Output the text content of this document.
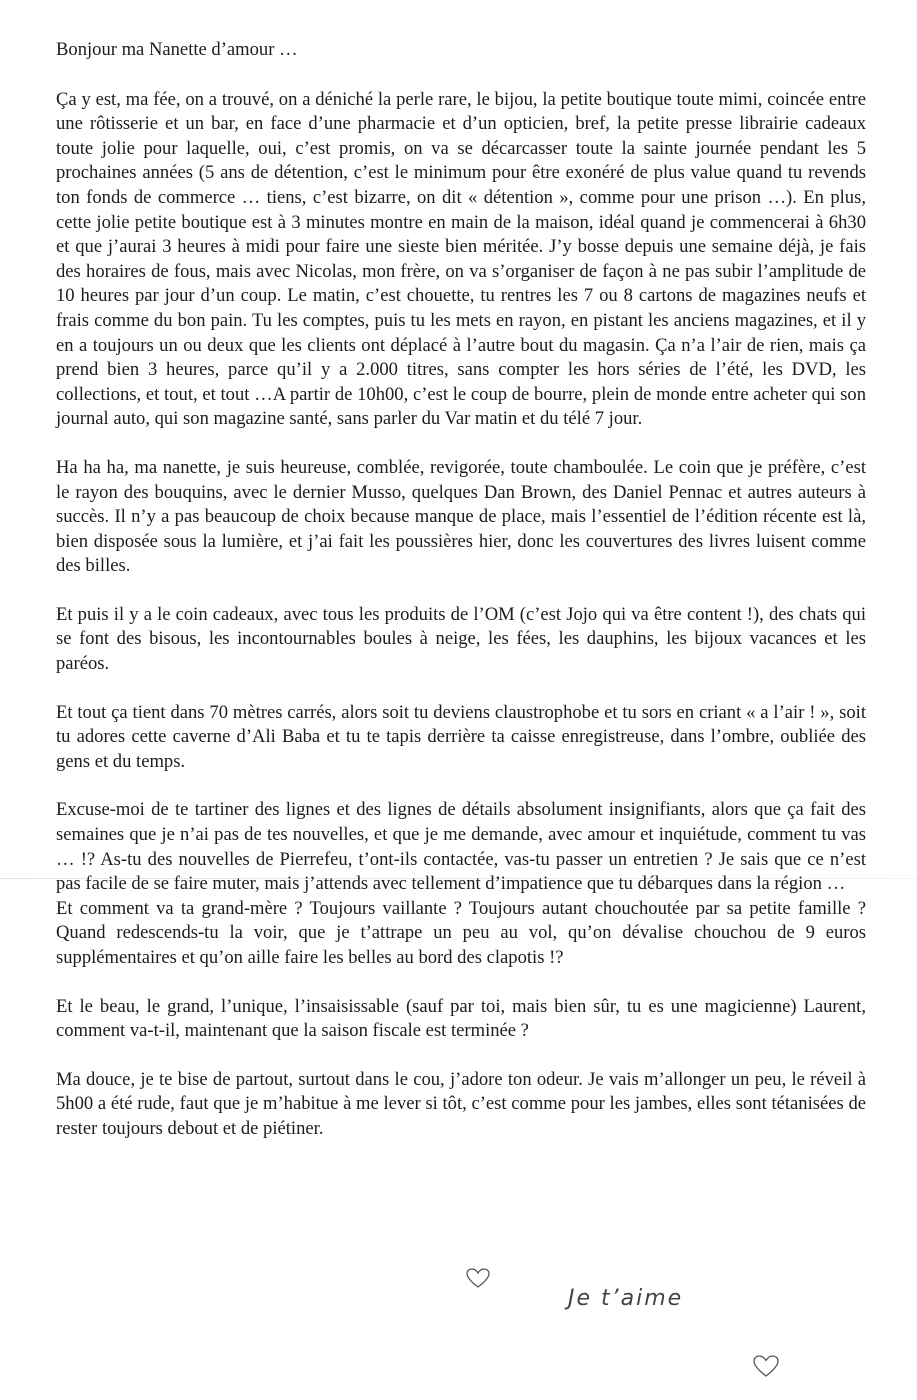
Bonjour ma Nanette d’amour …

Ça y est, ma fée, on a trouvé, on a déniché la perle rare, le bijou, la petite boutique toute mimi, coincée entre une rôtisserie et un bar, en face d’une pharmacie et d’un opticien, bref, la petite presse librairie cadeaux toute jolie pour laquelle, oui, c’est promis, on va se décarcasser toute la sainte journée pendant les 5 prochaines années (5 ans de détention, c’est le minimum pour être exonéré de plus value quand tu revends ton fonds de commerce … tiens, c’est bizarre, on dit « détention », comme pour une prison …). En plus, cette jolie petite boutique est à 3 minutes montre en main de la maison, idéal quand je commencerai à 6h30 et que j’aurai 3 heures à midi pour faire une sieste bien méritée. J’y bosse depuis une semaine déjà, je fais des horaires de fous, mais avec Nicolas, mon frère, on va s’organiser de façon à ne pas subir l’amplitude de 10 heures par jour d’un coup. Le matin, c’est chouette, tu rentres les 7 ou 8 cartons de magazines neufs et frais comme du bon pain. Tu les comptes, puis tu les mets en rayon, en pistant les anciens magazines, et il y en a toujours un ou deux que les clients ont déplacé à l’autre bout du magasin. Ça n’a l’air de rien, mais ça prend bien 3 heures, parce qu’il y a 2.000 titres, sans compter les hors séries de l’été, les DVD, les collections, et tout, et tout …A partir de 10h00, c’est le coup de bourre, plein de monde entre acheter qui son journal auto, qui son magazine santé, sans parler du Var matin et du télé 7 jour.

Ha ha ha, ma nanette, je suis heureuse, comblée, revigorée, toute chamboulée. Le coin que je préfère, c’est le rayon des bouquins, avec le dernier Musso, quelques Dan Brown, des Daniel Pennac et autres auteurs à succès. Il n’y a pas beaucoup de choix because manque de place, mais l’essentiel de l’édition récente est là, bien disposée sous la lumière, et j’ai fait les poussières hier, donc les couvertures des livres luisent comme des billes.

Et puis il y a le coin cadeaux, avec tous les produits de l’OM (c’est Jojo qui va être content !), des chats qui se font des bisous, les incontournables boules à neige, les fées, les dauphins, les bijoux vacances et les paréos.

Et tout ça tient dans 70 mètres carrés, alors soit tu deviens claustrophobe et tu sors en criant « a l’air ! », soit tu adores cette caverne d’Ali Baba et tu te tapis derrière ta caisse enregistreuse, dans l’ombre, oubliée des gens et du temps.

Excuse-moi de te tartiner des lignes et des lignes de détails absolument insignifiants, alors que ça fait des semaines que je n’ai pas de tes nouvelles, et que je me demande, avec amour et inquiétude, comment tu vas … !? As-tu des nouvelles de Pierrefeu, t’ont-ils contactée, vas-tu passer un entretien ? Je sais que ce n’est pas facile de se faire muter, mais j’attends avec tellement d’impatience que tu débarques dans la région …

Et comment va ta grand-mère ? Toujours vaillante ? Toujours autant chouchoutée par sa petite famille ? Quand redescends-tu la voir, que je t’attrape un peu au vol, qu’on dévalise chouchou de 9 euros supplémentaires et qu’on aille faire les belles au bord des clapotis !?

Et le beau, le grand, l’unique, l’insaisissable (sauf par toi, mais bien sûr, tu es une magicienne) Laurent, comment va-t-il, maintenant que la saison fiscale est terminée ?

Ma douce, je te bise de partout, surtout dans le cou, j’adore ton odeur. Je vais m’allonger un peu, le réveil à 5h00 a été rude, faut que je m’habitue à me lever si tôt, c’est comme pour les jambes, elles sont tétanisées de rester toujours debout et de piétiner.

Je t’aime
